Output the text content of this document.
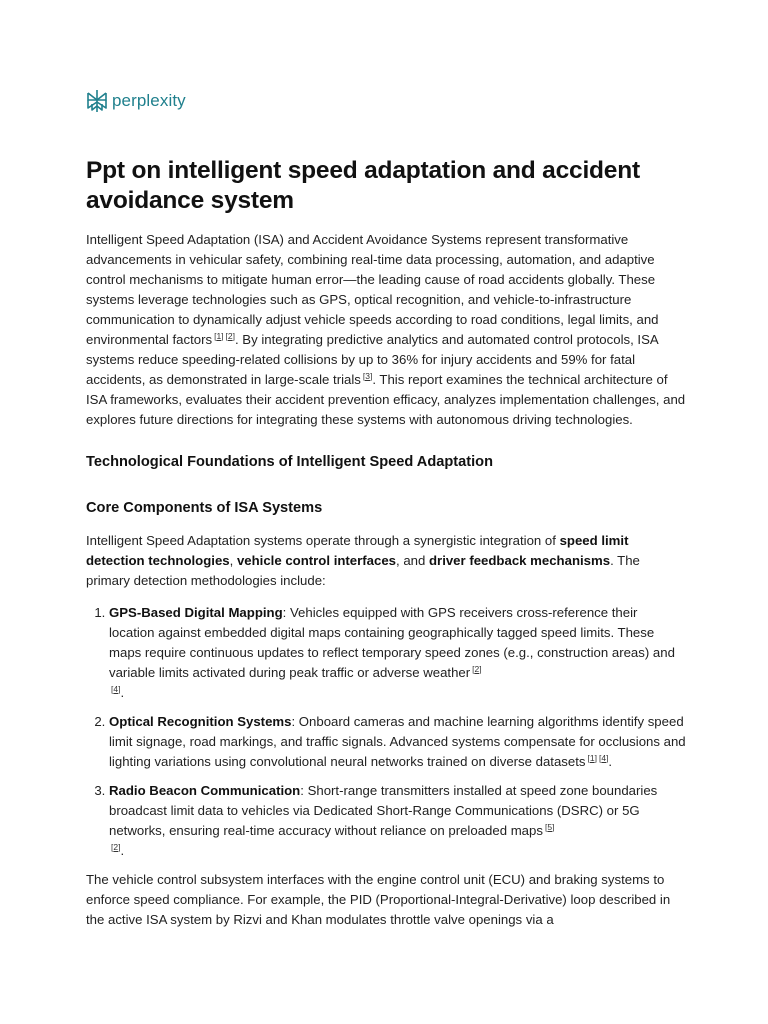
perplexity
Ppt on intelligent speed adaptation and accident avoidance system

Intelligent Speed Adaptation (ISA) and Accident Avoidance Systems represent transformative advancements in vehicular safety, combining real-time data processing, automation, and adaptive control mechanisms to mitigate human error—the leading cause of road accidents globally. These systems leverage technologies such as GPS, optical recognition, and vehicle-to-infrastructure communication to dynamically adjust vehicle speeds according to road conditions, legal limits, and environmental factors [1] [2]. By integrating predictive analytics and automated control protocols, ISA systems reduce speeding-related collisions by up to 36% for injury accidents and 59% for fatal accidents, as demonstrated in large-scale trials [3]. This report examines the technical architecture of ISA frameworks, evaluates their accident prevention efficacy, analyzes implementation challenges, and explores future directions for integrating these systems with autonomous driving technologies.

Technological Foundations of Intelligent Speed Adaptation
Core Components of ISA Systems

Intelligent Speed Adaptation systems operate through a synergistic integration of speed limit detection technologies, vehicle control interfaces, and driver feedback mechanisms. The primary detection methodologies include:

1. GPS-Based Digital Mapping: Vehicles equipped with GPS receivers cross-reference their location against embedded digital maps containing geographically tagged speed limits. These maps require continuous updates to reflect temporary speed zones (e.g., construction areas) and variable limits activated during peak traffic or adverse weather [2]
[4].
2. Optical Recognition Systems: Onboard cameras and machine learning algorithms identify speed limit signage, road markings, and traffic signals. Advanced systems compensate for occlusions and lighting variations using convolutional neural networks trained on diverse datasets [1] [4].
3. Radio Beacon Communication: Short-range transmitters installed at speed zone boundaries broadcast limit data to vehicles via Dedicated Short-Range Communications (DSRC) or 5G networks, ensuring real-time accuracy without reliance on preloaded maps [5]
[2].

The vehicle control subsystem interfaces with the engine control unit (ECU) and braking systems to enforce speed compliance. For example, the PID (Proportional-Integral-Derivative) loop described in the active ISA system by Rizvi and Khan modulates throttle valve openings via a
